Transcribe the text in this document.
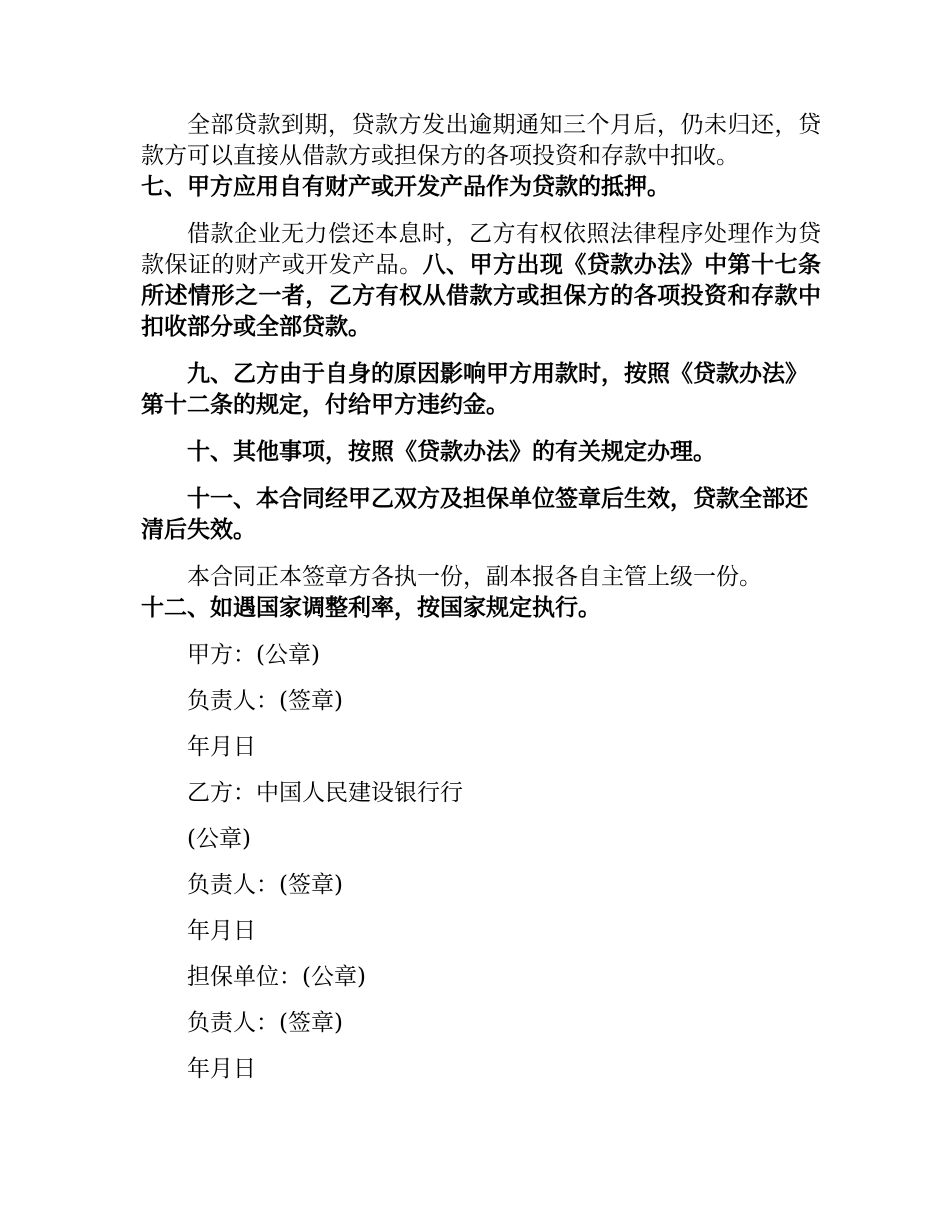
全部贷款到期，贷款方发出逾期通知三个月后，仍未归还，贷款方可以直接从借款方或担保方的各项投资和存款中扣收。

七、甲方应用自有财产或开发产品作为贷款的抵押。

借款企业无力偿还本息时，乙方有权依照法律程序处理作为贷款保证的财产或开发产品。八、甲方出现《贷款办法》中第十七条所述情形之一者，乙方有权从借款方或担保方的各项投资和存款中扣收部分或全部贷款。

九、乙方由于自身的原因影响甲方用款时，按照《贷款办法》第十二条的规定，付给甲方违约金。

十、其他事项，按照《贷款办法》的有关规定办理。

十一、本合同经甲乙双方及担保单位签章后生效，贷款全部还清后失效。

本合同正本签章方各执一份，副本报各自主管上级一份。

十二、如遇国家调整利率，按国家规定执行。

甲方：(公章)

负责人：(签章)

年月日

乙方：中国人民建设银行行

(公章)

负责人：(签章)

年月日

担保单位：(公章)

负责人：(签章)

年月日
